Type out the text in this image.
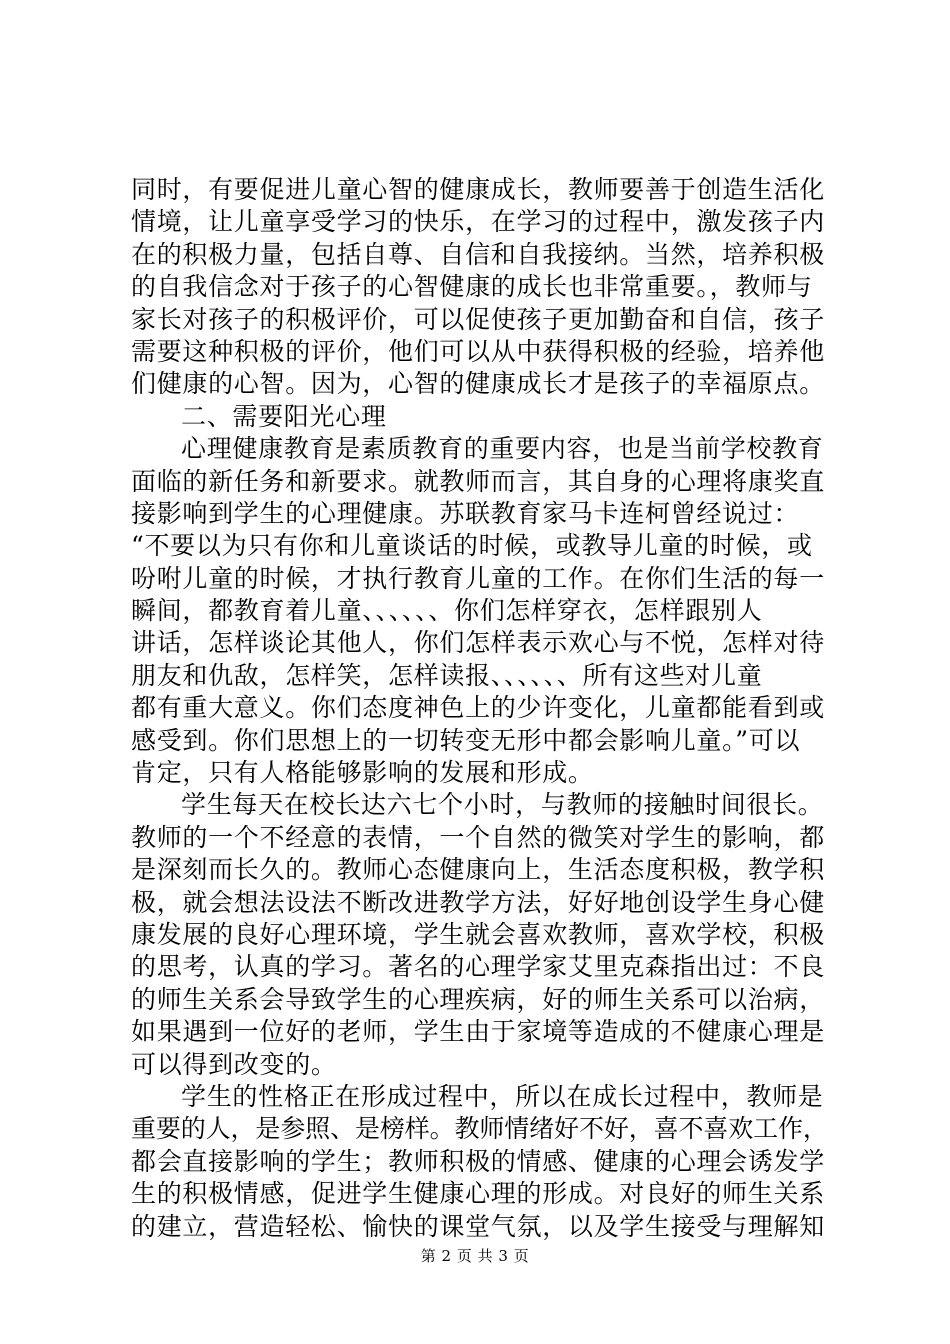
同时，有要促进儿童心智的健康成长，教师要善于创造生活化
情境，让儿童享受学习的快乐，在学习的过程中，激发孩子内
在的积极力量，包括自尊、自信和自我接纳。当然，培养积极
的自我信念对于孩子的心智健康的成长也非常重要。，教师与
家长对孩子的积极评价，可以促使孩子更加勤奋和自信，孩子
需要这种积极的评价，他们可以从中获得积极的经验，培养他
们健康的心智。因为，心智的健康成长才是孩子的幸福原点。
二、需要阳光心理
心理健康教育是素质教育的重要内容，也是当前学校教育
面临的新任务和新要求。就教师而言，其自身的心理将康奖直
接影响到学生的心理健康。苏联教育家马卡连柯曾经说过：
“不要以为只有你和儿童谈话的时候，或教导儿童的时候，或
吩咐儿童的时候，才执行教育儿童的工作。在你们生活的每一
瞬间，都教育着儿童、、、、、、你们怎样穿衣，怎样跟别人
讲话，怎样谈论其他人，你们怎样表示欢心与不悦，怎样对待
朋友和仇敌，怎样笑，怎样读报、、、、、、所有这些对儿童
都有重大意义。你们态度神色上的少许变化，儿童都能看到或
感受到。你们思想上的一切转变无形中都会影响儿童。”可以
肯定，只有人格能够影响的发展和形成。
学生每天在校长达六七个小时，与教师的接触时间很长。
教师的一个不经意的表情，一个自然的微笑对学生的影响，都
是深刻而长久的。教师心态健康向上，生活态度积极，教学积
极，就会想法设法不断改进教学方法，好好地创设学生身心健
康发展的良好心理环境，学生就会喜欢教师，喜欢学校，积极
的思考，认真的学习。著名的心理学家艾里克森指出过：不良
的师生关系会导致学生的心理疾病，好的师生关系可以治病，
如果遇到一位好的老师，学生由于家境等造成的不健康心理是
可以得到改变的。
学生的性格正在形成过程中，所以在成长过程中，教师是
重要的人，是参照、是榜样。教师情绪好不好，喜不喜欢工作，
都会直接影响的学生；教师积极的情感、健康的心理会诱发学
生的积极情感，促进学生健康心理的形成。对良好的师生关系
的建立，营造轻松、愉快的课堂气氛，以及学生接受与理解知
第 2 页 共 3 页
